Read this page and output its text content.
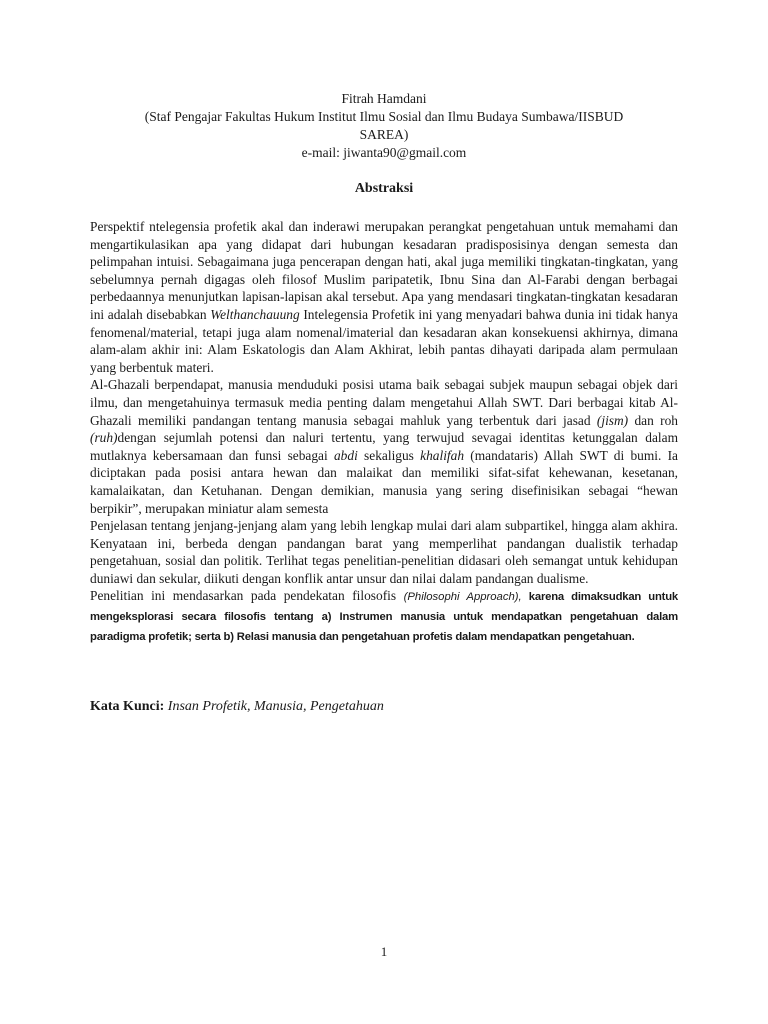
Fitrah Hamdani
(Staf Pengajar Fakultas Hukum Institut Ilmu Sosial dan Ilmu Budaya Sumbawa/IISBUD
SAREA)
e-mail: jiwanta90@gmail.com
Abstraksi

Perspektif ntelegensia profetik akal dan inderawi merupakan perangkat pengetahuan untuk memahami dan mengartikulasikan apa yang didapat dari hubungan kesadaran pradisposisinya dengan semesta dan pelimpahan intuisi. Sebagaimana juga pencerapan dengan hati, akal juga memiliki tingkatan-tingkatan, yang sebelumnya pernah digagas oleh filosof Muslim paripatetik, Ibnu Sina dan Al-Farabi dengan berbagai perbedaannya menunjutkan lapisan-lapisan akal tersebut. Apa yang mendasari tingkatan-tingkatan kesadaran ini adalah disebabkan Welthanchauung Intelegensia Profetik ini yang menyadari bahwa dunia ini tidak hanya fenomenal/material, tetapi juga alam nomenal/imaterial dan kesadaran akan konsekuensi akhirnya, dimana alam-alam akhir ini: Alam Eskatologis dan Alam Akhirat, lebih pantas dihayati daripada alam permulaan yang berbentuk materi.

Al-Ghazali berpendapat, manusia menduduki posisi utama baik sebagai subjek maupun sebagai objek dari ilmu, dan mengetahuinya termasuk media penting dalam mengetahui Allah SWT. Dari berbagai kitab Al-Ghazali memiliki pandangan tentang manusia sebagai mahluk yang terbentuk dari jasad (jism) dan roh (ruh)dengan sejumlah potensi dan naluri tertentu, yang terwujud sevagai identitas ketunggalan dalam mutlaknya kebersamaan dan funsi sebagai abdi sekaligus khalifah (mandataris) Allah SWT di bumi. Ia diciptakan pada posisi antara hewan dan malaikat dan memiliki sifat-sifat kehewanan, kesetanan, kamalaikatan, dan Ketuhanan. Dengan demikian, manusia yang sering disefinisikan sebagai “hewan berpikir”, merupakan miniatur alam semesta

Penjelasan tentang jenjang-jenjang alam yang lebih lengkap mulai dari alam subpartikel, hingga alam akhira. Kenyataan ini, berbeda dengan pandangan barat yang memperlihat pandangan dualistik terhadap pengetahuan, sosial dan politik. Terlihat tegas penelitian-penelitian didasari oleh semangat untuk kehidupan duniawi dan sekular, diikuti dengan konflik antar unsur dan nilai dalam pandangan dualisme.

Penelitian ini mendasarkan pada pendekatan filosofis (Philosophi Approach), karena dimaksudkan untuk mengeksplorasi secara filosofis tentang a) Instrumen manusia untuk mendapatkan pengetahuan dalam paradigma profetik; serta b) Relasi manusia dan pengetahuan profetis dalam mendapatkan pengetahuan.

Kata Kunci: Insan Profetik, Manusia, Pengetahuan
1
